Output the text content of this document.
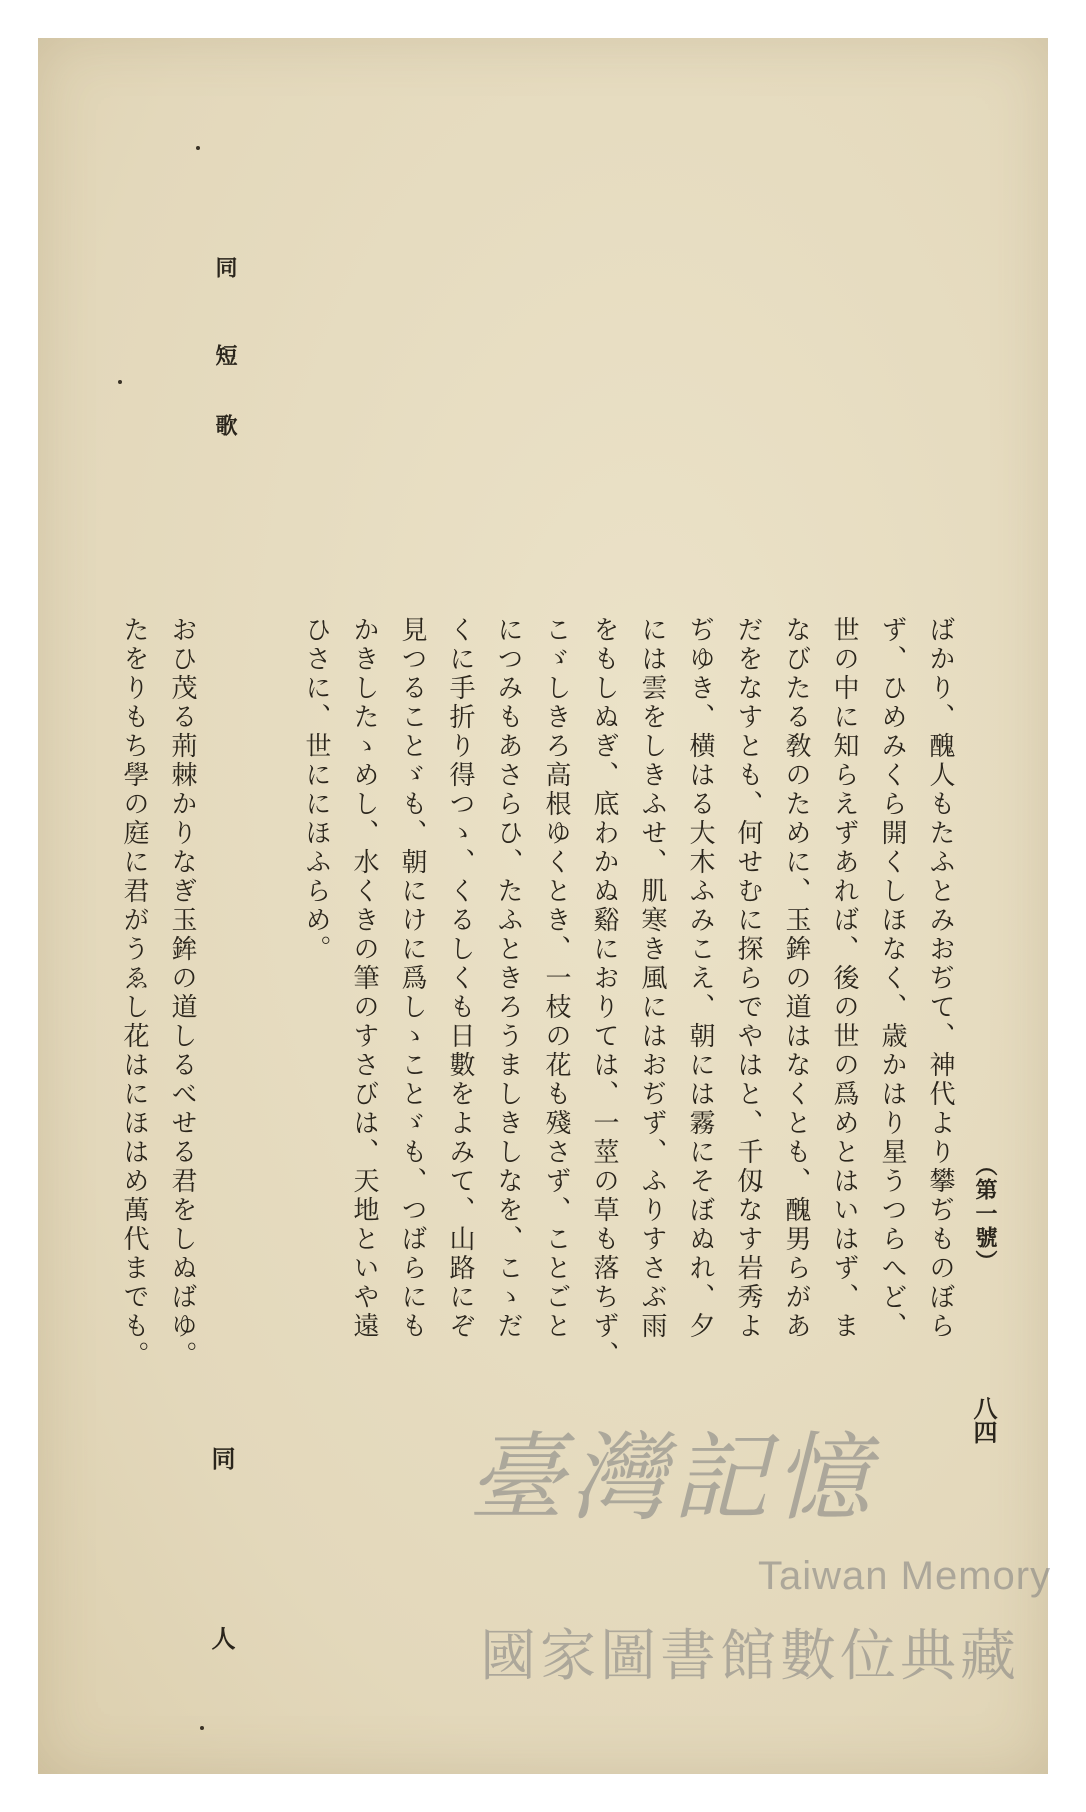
（第一號）
八四
ばかり、醜人もたふとみおぢて、神代より攀ぢものぼら
ず、ひめみくら開くしほなく、歳かはり星うつらへど、
世の中に知らえずあれば、後の世の爲めとはいはず、ま
なびたる敎のために、玉鉾の道はなくとも、醜男らがあ
だをなすとも、何せむに探らでやはと、千仭なす岩秀よ
ぢゆき、横はる大木ふみこえ、朝には霧にそぼぬれ、夕
には雲をしきふせ、肌寒き風にはおぢず、ふりすさぶ雨
をもしぬぎ、底わかぬ谿におりては、一莖の草も落ちず、
こゞしきろ高根ゆくとき、一枝の花も殘さず、ことごと
につみもあさらひ、たふときろうましきしなを、こゝだ
くに手折り得つゝ、くるしくも日數をよみて、山路にぞ
見つることゞも、朝にけに爲しゝことゞも、つばらにも
かきしたゝめし、水くきの筆のすさびは、天地といや遠
ひさに、世ににほふらめ。
同
短
歌
おひ茂る荊棘かりなぎ玉鉾の道しるべせる君をしぬばゆ。
たをりもち學の庭に君がうゑし花はにほはめ萬代までも。
同
人
臺灣記憶
Taiwan Memory
國家圖書館數位典藏
